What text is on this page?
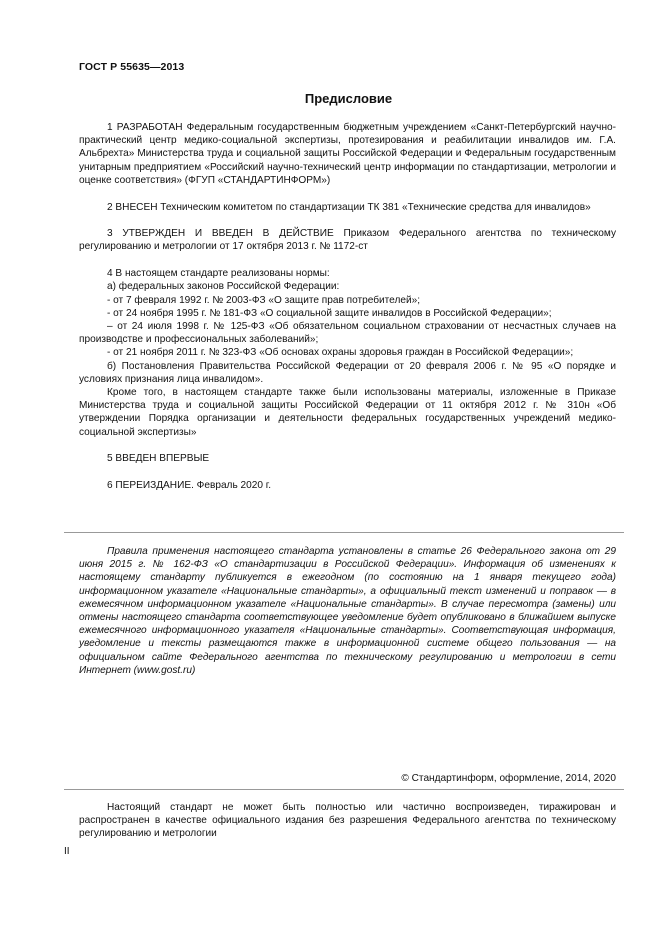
ГОСТ Р 55635—2013
Предисловие

1 РАЗРАБОТАН Федеральным государственным бюджетным учреждением «Санкт-Петербургский научно-практический центр медико-социальной экспертизы, протезирования и реабилитации инвалидов им. Г.А. Альбрехта» Министерства труда и социальной защиты Российской Федерации и Федеральным государственным унитарным предприятием «Российский научно-технический центр информации по стандартизации, метрологии и оценке соответствия» (ФГУП «СТАНДАРТИНФОРМ»)

2 ВНЕСЕН Техническим комитетом по стандартизации ТК 381 «Технические средства для инвалидов»

3 УТВЕРЖДЕН И ВВЕДЕН В ДЕЙСТВИЕ Приказом Федерального агентства по техническому регулированию и метрологии от 17 октября 2013 г. № 1172-ст

4 В настоящем стандарте реализованы нормы:

а) федеральных законов Российской Федерации:

- от 7 февраля 1992 г. № 2003-ФЗ «О защите прав потребителей»;

- от 24 ноября 1995 г. № 181-ФЗ «О социальной защите инвалидов в Российской Федерации»;

– от 24 июля 1998 г. № 125-ФЗ «Об обязательном социальном страховании от несчастных случаев на производстве и профессиональных заболеваний»;

- от 21 ноября 2011 г. № 323-ФЗ «Об основах охраны здоровья граждан в Российской Федерации»;

б) Постановления Правительства Российской Федерации от 20 февраля 2006 г. № 95 «О порядке и условиях признания лица инвалидом».

Кроме того, в настоящем стандарте также были использованы материалы, изложенные в Приказе Министерства труда и социальной защиты Российской Федерации от 11 октября 2012 г. № 310н «Об утверждении Порядка организации и деятельности федеральных государственных учреждений медико-социальной экспертизы»

5 ВВЕДЕН ВПЕРВЫЕ

6 ПЕРЕИЗДАНИЕ. Февраль 2020 г.

Правила применения настоящего стандарта установлены в статье 26 Федерального закона от 29 июня 2015 г. № 162-ФЗ «О стандартизации в Российской Федерации». Информация об изменениях к настоящему стандарту публикуется в ежегодном (по состоянию на 1 января текущего года) информационном указателе «Национальные стандарты», а официальный текст изменений и поправок — в ежемесячном информационном указателе «Национальные стандарты». В случае пересмотра (замены) или отмены настоящего стандарта соответствующее уведомление будет опубликовано в ближайшем выпуске ежемесячного информационного указателя «Национальные стандарты». Соответствующая информация, уведомление и тексты размещаются также в информационной системе общего пользования — на официальном сайте Федерального агентства по техническому регулированию и метрологии в сети Интернет (www.gost.ru)

© Стандартинформ, оформление, 2014, 2020

Настоящий стандарт не может быть полностью или частично воспроизведен, тиражирован и распространен в качестве официального издания без разрешения Федерального агентства по техническому регулированию и метрологии

II
